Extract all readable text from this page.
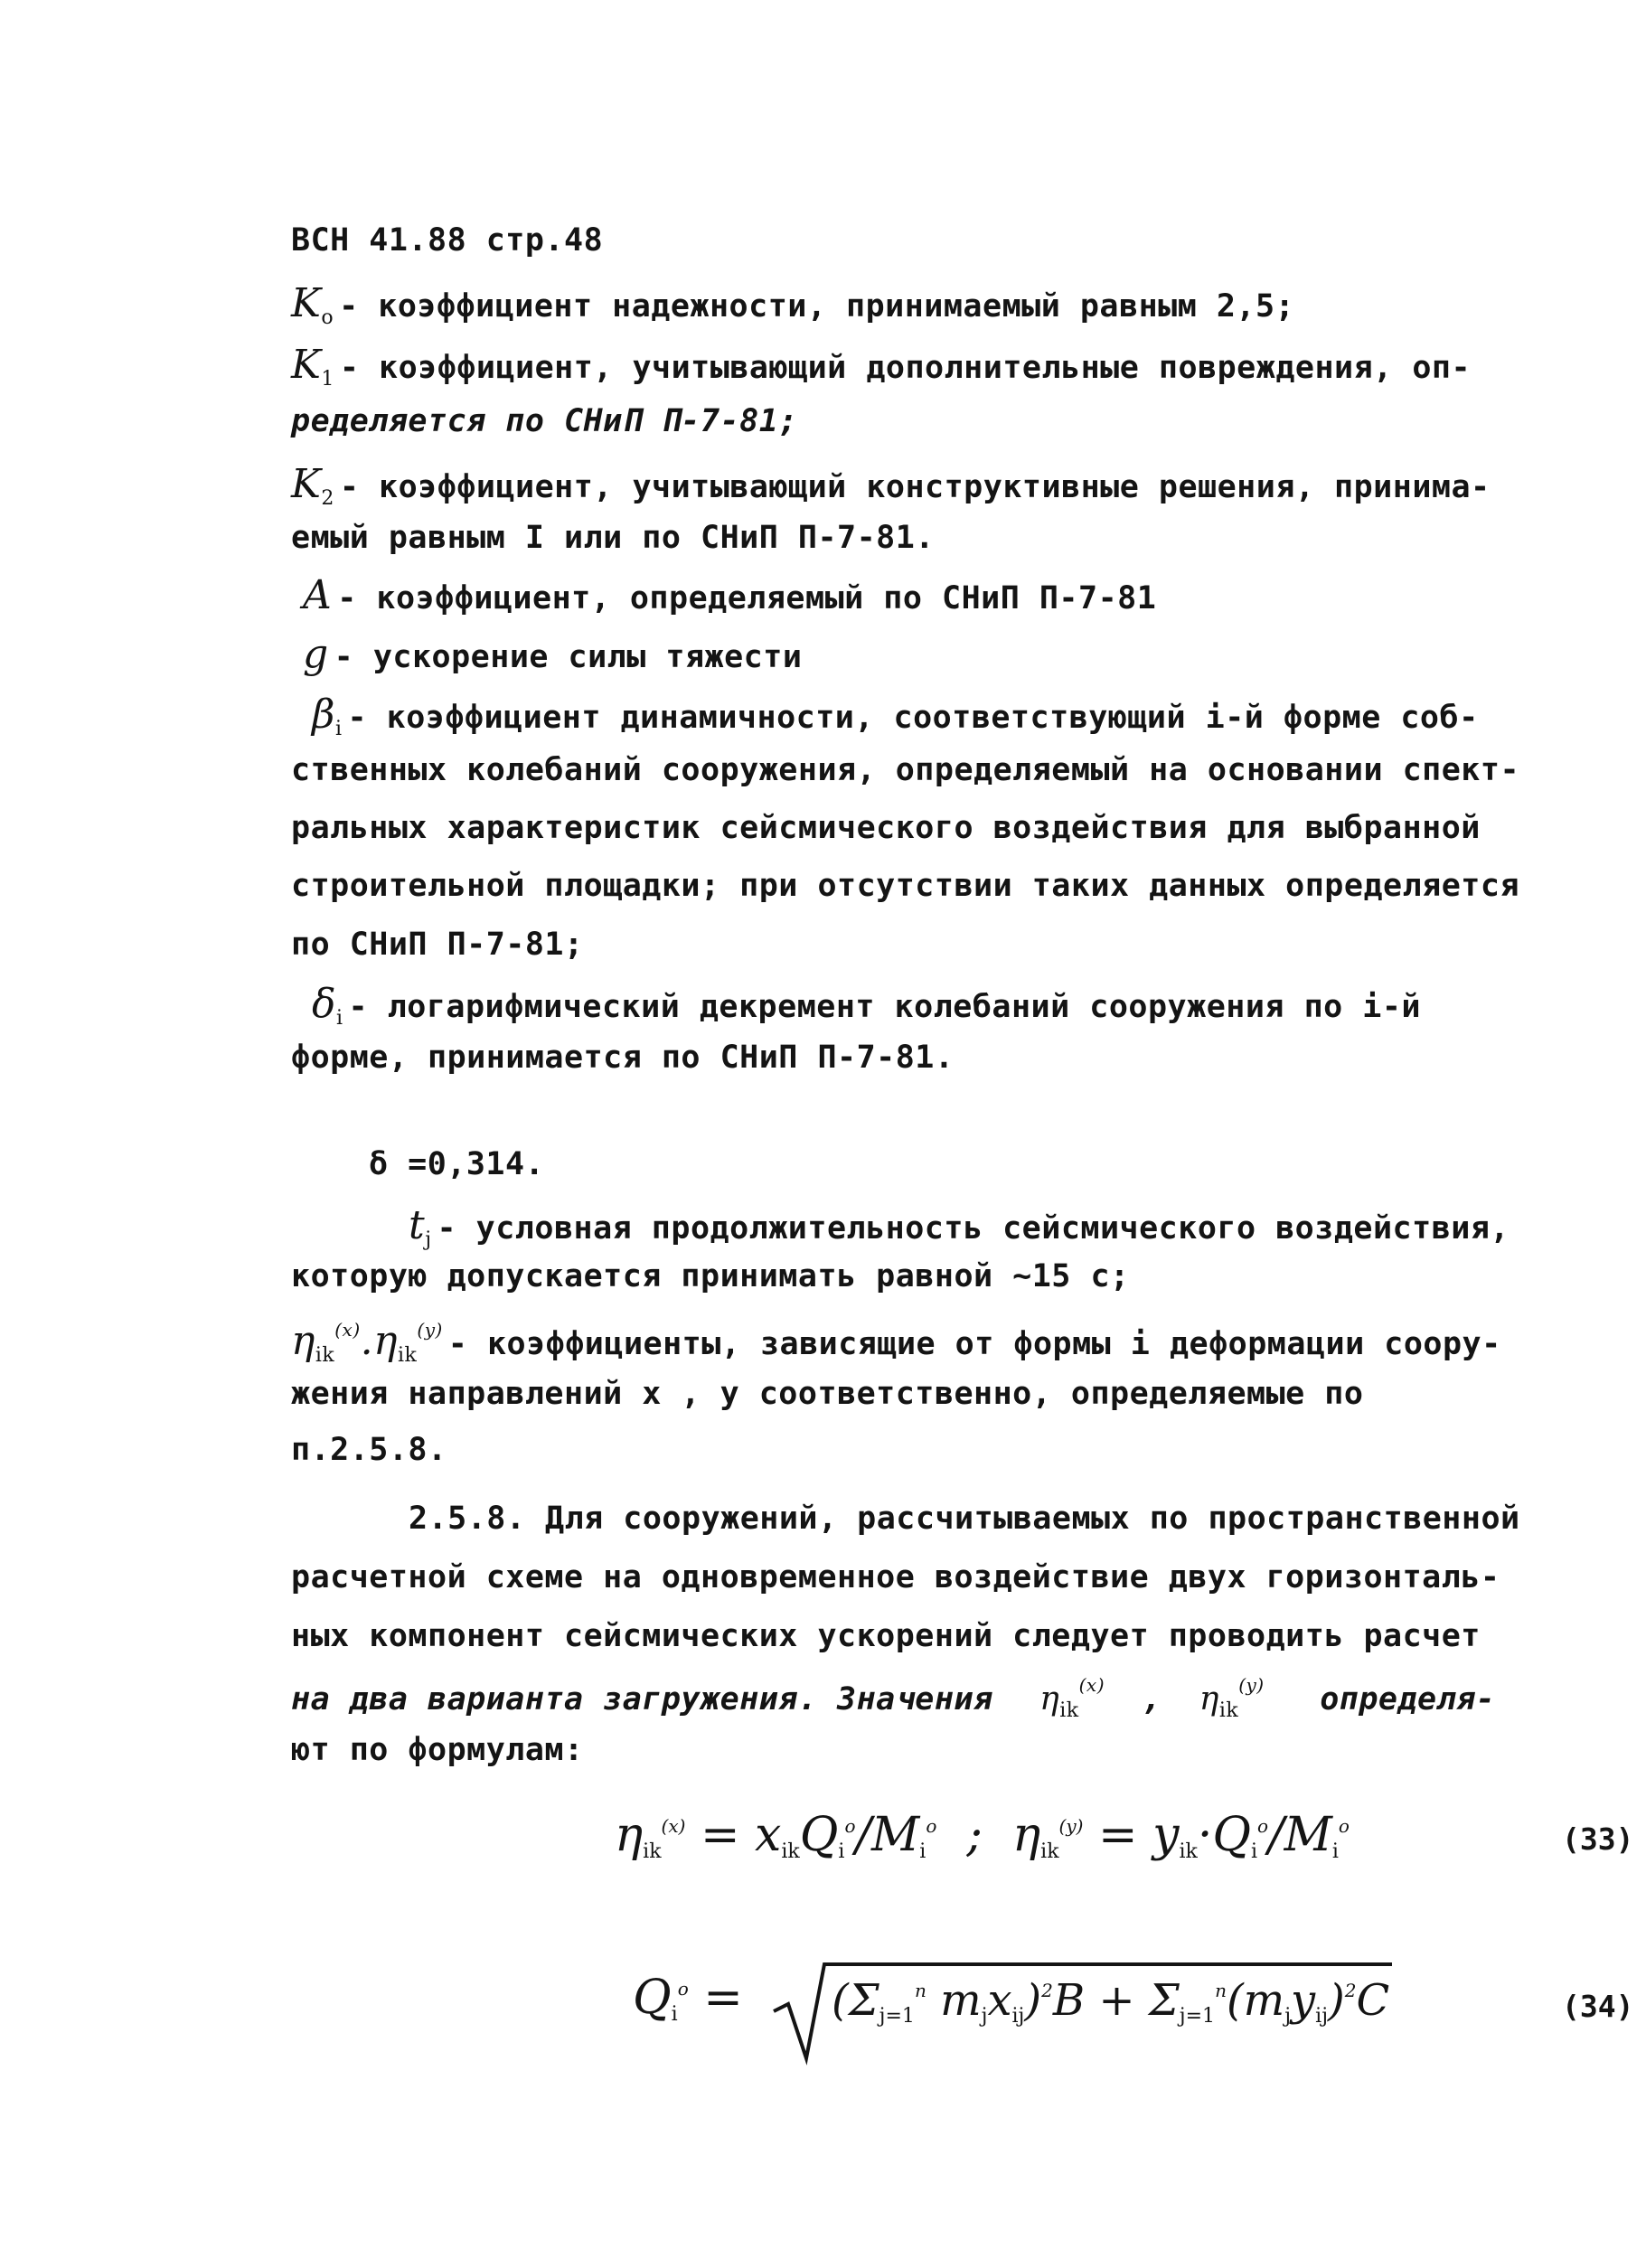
ВСН 41.88 стр.48
$K_o$ - коэффициент надежности, принимаемый равным 2,5;
$K_1$ - коэффициент, учитывающий дополнительные повреждения, оп-
ределяется по СНиП П-7-81;
$K_2$ - коэффициент, учитывающий конструктивные решения, принима-
емый равным I или по СНиП П-7-81.
A - коэффициент, определяемый по СНиП П-7-81
g - ускорение силы тяжести
$\beta_i$ - коэффициент динамичности, соответствующий i-й форме соб-
ственных колебаний сооружения, определяемый на основании спект-
ральных характеристик сейсмического воздействия для выбранной
строительной площадки; при отсутствии таких данных определяется
по СНиП П-7-81;
$\delta_i$ - логарифмический декремент колебаний сооружения по i-й
форме, принимается по СНиП П-7-81.
δ =0,314.
$t_j$ - условная продолжительность сейсмического воздействия,
которую допускается принимать равной ~15 с;
$\eta_{ik}^{(x)}.\eta_{ik}^{(y)}$ - коэффициенты, зависящие от формы i деформации соору-
жения направлений x , y соответственно, определяемые по
п.2.5.8.
2.5.8. Для сооружений, рассчитываемых по пространственной
расчетной схеме на одновременное воздействие двух горизонталь-
ных компонент сейсмических ускорений следует проводить расчет
на два варианта загружения. Значения $\eta_{ik}^{(x)}$ , $\eta_{ik}^{(y)}$ определя-
ют по формулам:
$\eta_{ik}^{(x)} = x_{ik}Q_i^o/M_i^o$  ;  $\eta_{ik}^{(y)} = y_{ik}\cdot Q_i^o/M_i^o$	(33)
$Q_i^o = (\Sigma_{j=1}^n$ $m_jx_{ij})^2B + \Sigma_{j=1}^n(m_jy_{ij})^2C$	(34)
